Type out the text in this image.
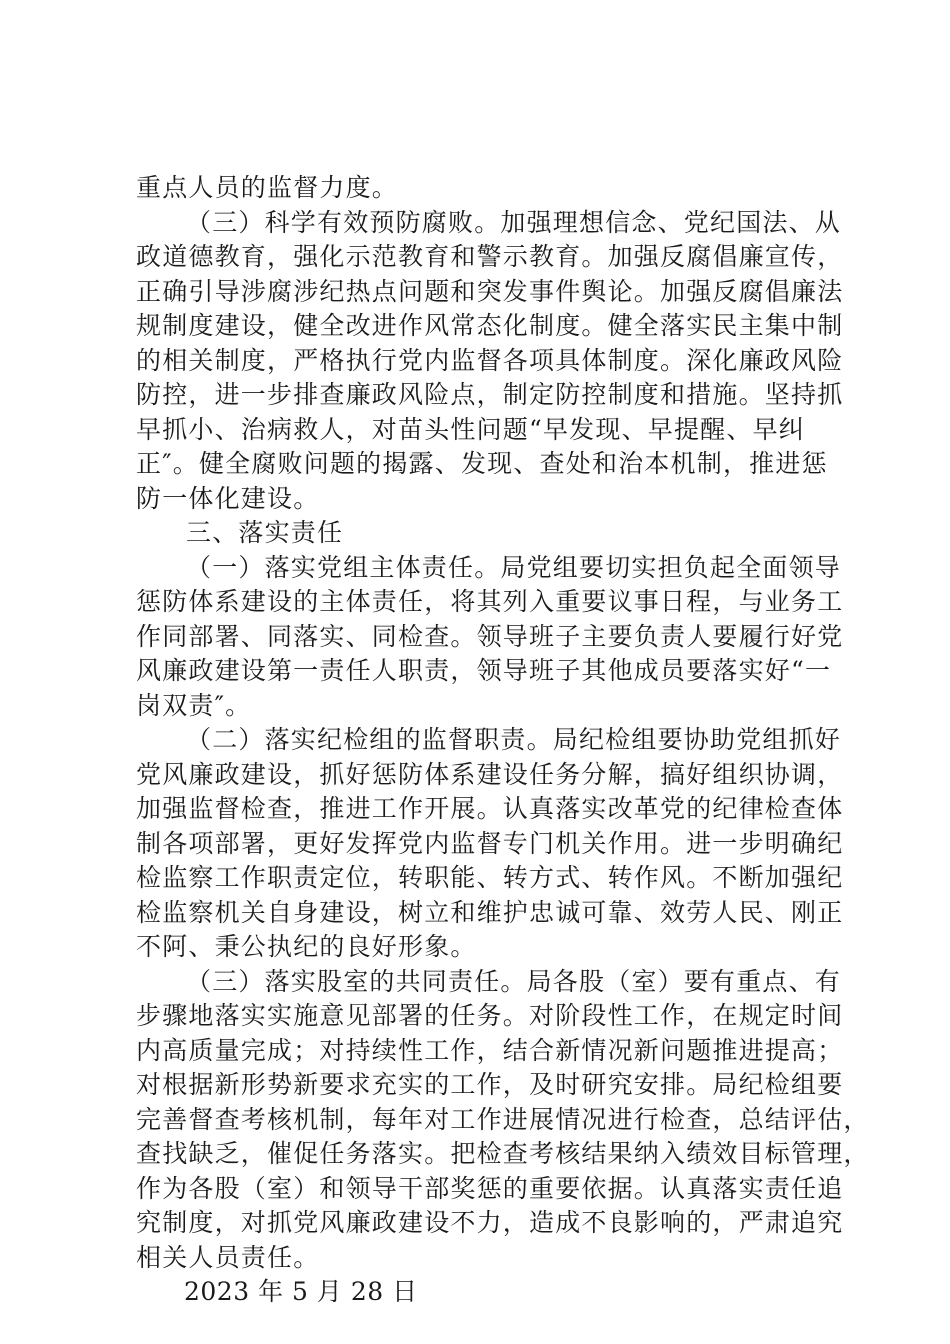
重点人员的监督力度。
（三）科学有效预防腐败。加强理想信念、党纪国法、从
政道德教育，强化示范教育和警示教育。加强反腐倡廉宣传，
正确引导涉腐涉纪热点问题和突发事件舆论。加强反腐倡廉法
规制度建设，健全改进作风常态化制度。健全落实民主集中制
的相关制度，严格执行党内监督各项具体制度。深化廉政风险
防控，进一步排查廉政风险点，制定防控制度和措施。坚持抓
早抓小、治病救人，对苗头性问题“早发现、早提醒、早纠
正″。健全腐败问题的揭露、发现、查处和治本机制，推进惩
防一体化建设。
三、落实责任
（一）落实党组主体责任。局党组要切实担负起全面领导
惩防体系建设的主体责任，将其列入重要议事日程，与业务工
作同部署、同落实、同检查。领导班子主要负责人要履行好党
风廉政建设第一责任人职责，领导班子其他成员要落实好“一
岗双责″。
（二）落实纪检组的监督职责。局纪检组要协助党组抓好
党风廉政建设，抓好惩防体系建设任务分解，搞好组织协调，
加强监督检查，推进工作开展。认真落实改革党的纪律检查体
制各项部署，更好发挥党内监督专门机关作用。进一步明确纪
检监察工作职责定位，转职能、转方式、转作风。不断加强纪
检监察机关自身建设，树立和维护忠诚可靠、效劳人民、刚正
不阿、秉公执纪的良好形象。
（三）落实股室的共同责任。局各股（室）要有重点、有
步骤地落实实施意见部署的任务。对阶段性工作，在规定时间
内高质量完成；对持续性工作，结合新情况新问题推进提高；
对根据新形势新要求充实的工作，及时研究安排。局纪检组要
完善督查考核机制，每年对工作进展情况进行检查，总结评估，
查找缺乏，催促任务落实。把检查考核结果纳入绩效目标管理，
作为各股（室）和领导干部奖惩的重要依据。认真落实责任追
究制度，对抓党风廉政建设不力，造成不良影响的，严肃追究
相关人员责任。
2023 年 5 月 28 日
